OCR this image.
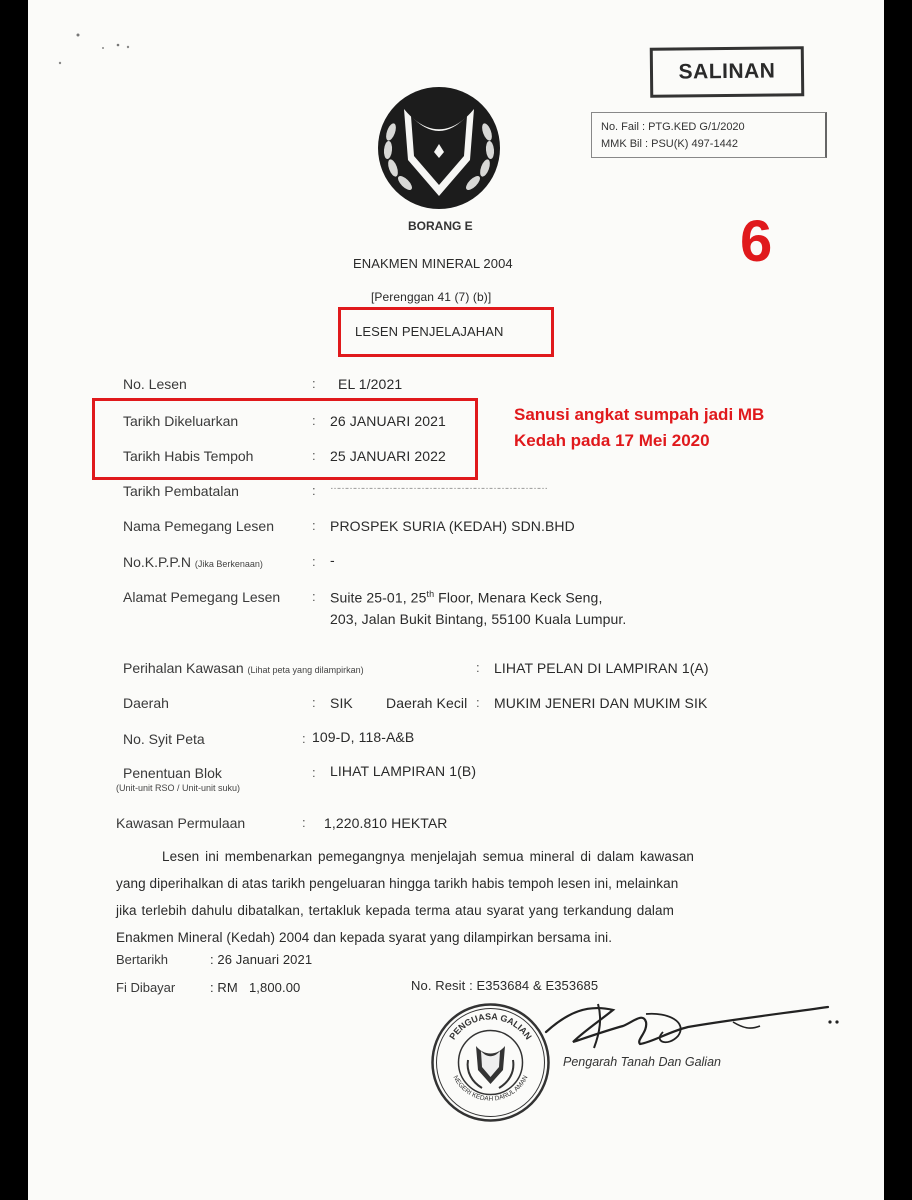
SALINAN
No. Fail : PTG.KED G/1/2020
MMK Bil : PSU(K) 497-1442
BORANG E
ENAKMEN MINERAL 2004
[Perenggan 41 (7) (b)]
LESEN PENJELAJAHAN
6
Sanusi angkat sumpah jadi MB
Kedah pada 17 Mei 2020
No. Lesen	: EL 1/2021
Tarikh Dikeluarkan	: 26 JANUARI 2021
Tarikh Habis Tempoh	: 25 JANUARI 2022
Tarikh Pembatalan	: ………………………………………………………………………
Nama Pemegang Lesen	: PROSPEK SURIA (KEDAH) SDN.BHD
No.K.P.P.N (Jika Berkenaan)	: -
Alamat Pemegang Lesen : Suite 25-01, 25th Floor, Menara Keck Seng,
203, Jalan Bukit Bintang, 55100 Kuala Lumpur.
Perihalan Kawasan (Lihat peta yang dilampirkan)	: LIHAT PELAN DI LAMPIRAN 1(A)
Daerah	: SIK Daerah Kecil : MUKIM JENERI DAN MUKIM SIK
No. Syit Peta	: 109-D, 118-A&B
Penentuan Blok
(Unit-unit RSO / Unit-unit suku)
: LIHAT LAMPIRAN 1(B)
Kawasan Permulaan	: 1,220.810 HEKTAR
Lesen ini membenarkan pemegangnya menjelajah semua mineral di dalam kawasan
yang diperihalkan di atas tarikh pengeluaran hingga tarikh habis tempoh lesen ini, melainkan
jika terlebih dahulu dibatalkan, tertakluk kepada terma atau syarat yang terkandung dalam
Enakmen Mineral (Kedah) 2004 dan kepada syarat yang dilampirkan bersama ini.
Bertarikh	: 26 Januari 2021
Fi Dibayar	: RM   1,800.00	No. Resit : E353684 & E353685
PENGUASA GALIAN
NEGERI KEDAH DARUL AMAN
Pengarah Tanah Dan Galian
